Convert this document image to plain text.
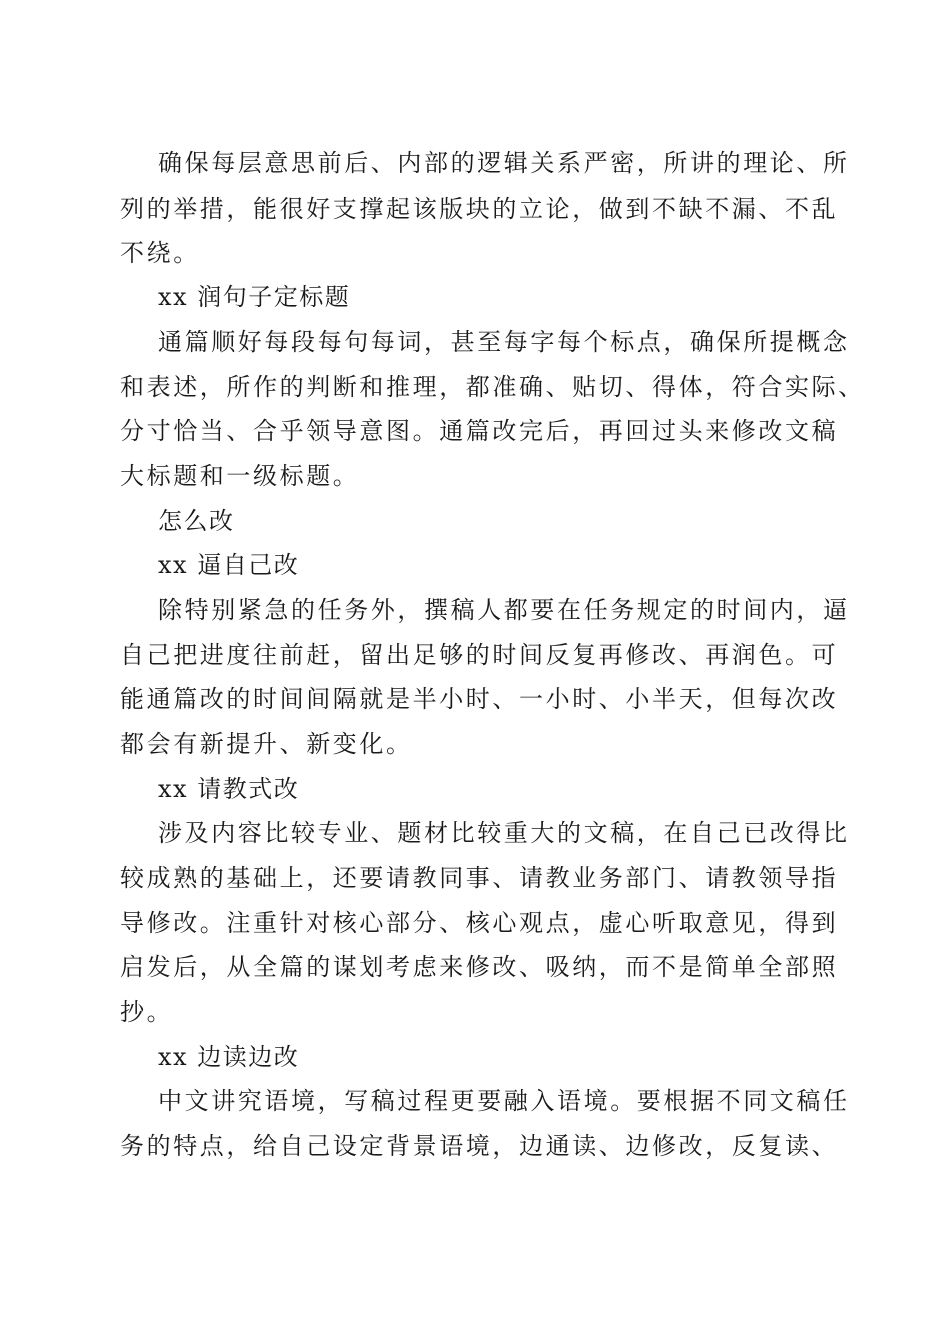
确保每层意思前后、内部的逻辑关系严密，所讲的理论、所
列的举措，能很好支撑起该版块的立论，做到不缺不漏、不乱
不绕。
xx 润句子定标题
通篇顺好每段每句每词，甚至每字每个标点，确保所提概念
和表述，所作的判断和推理，都准确、贴切、得体，符合实际、
分寸恰当、合乎领导意图。通篇改完后，再回过头来修改文稿
大标题和一级标题。
怎么改
xx 逼自己改
除特别紧急的任务外，撰稿人都要在任务规定的时间内，逼
自己把进度往前赶，留出足够的时间反复再修改、再润色。可
能通篇改的时间间隔就是半小时、一小时、小半天，但每次改
都会有新提升、新变化。
xx 请教式改
涉及内容比较专业、题材比较重大的文稿，在自己已改得比
较成熟的基础上，还要请教同事、请教业务部门、请教领导指
导修改。注重针对核心部分、核心观点，虚心听取意见，得到
启发后，从全篇的谋划考虑来修改、吸纳，而不是简单全部照
抄。
xx 边读边改
中文讲究语境，写稿过程更要融入语境。要根据不同文稿任
务的特点，给自己设定背景语境，边通读、边修改，反复读、
